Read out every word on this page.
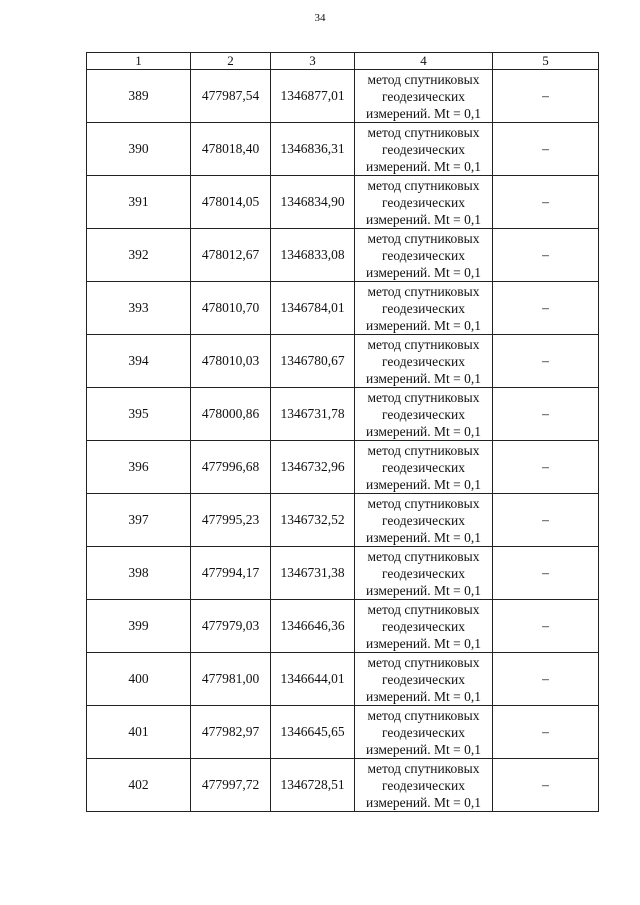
34
1	2	3	4	5
389	477987,54	1346877,01	метод спутниковых
геодезических
измерений. Mt = 0,1	–
390	478018,40	1346836,31	метод спутниковых
геодезических
измерений. Mt = 0,1	–
391	478014,05	1346834,90	метод спутниковых
геодезических
измерений. Mt = 0,1	–
392	478012,67	1346833,08	метод спутниковых
геодезических
измерений. Mt = 0,1	–
393	478010,70	1346784,01	метод спутниковых
геодезических
измерений. Mt = 0,1	–
394	478010,03	1346780,67	метод спутниковых
геодезических
измерений. Mt = 0,1	–
395	478000,86	1346731,78	метод спутниковых
геодезических
измерений. Mt = 0,1	–
396	477996,68	1346732,96	метод спутниковых
геодезических
измерений. Mt = 0,1	–
397	477995,23	1346732,52	метод спутниковых
геодезических
измерений. Mt = 0,1	–
398	477994,17	1346731,38	метод спутниковых
геодезических
измерений. Mt = 0,1	–
399	477979,03	1346646,36	метод спутниковых
геодезических
измерений. Mt = 0,1	–
400	477981,00	1346644,01	метод спутниковых
геодезических
измерений. Mt = 0,1	–
401	477982,97	1346645,65	метод спутниковых
геодезических
измерений. Mt = 0,1	–
402	477997,72	1346728,51	метод спутниковых
геодезических
измерений. Mt = 0,1	–
